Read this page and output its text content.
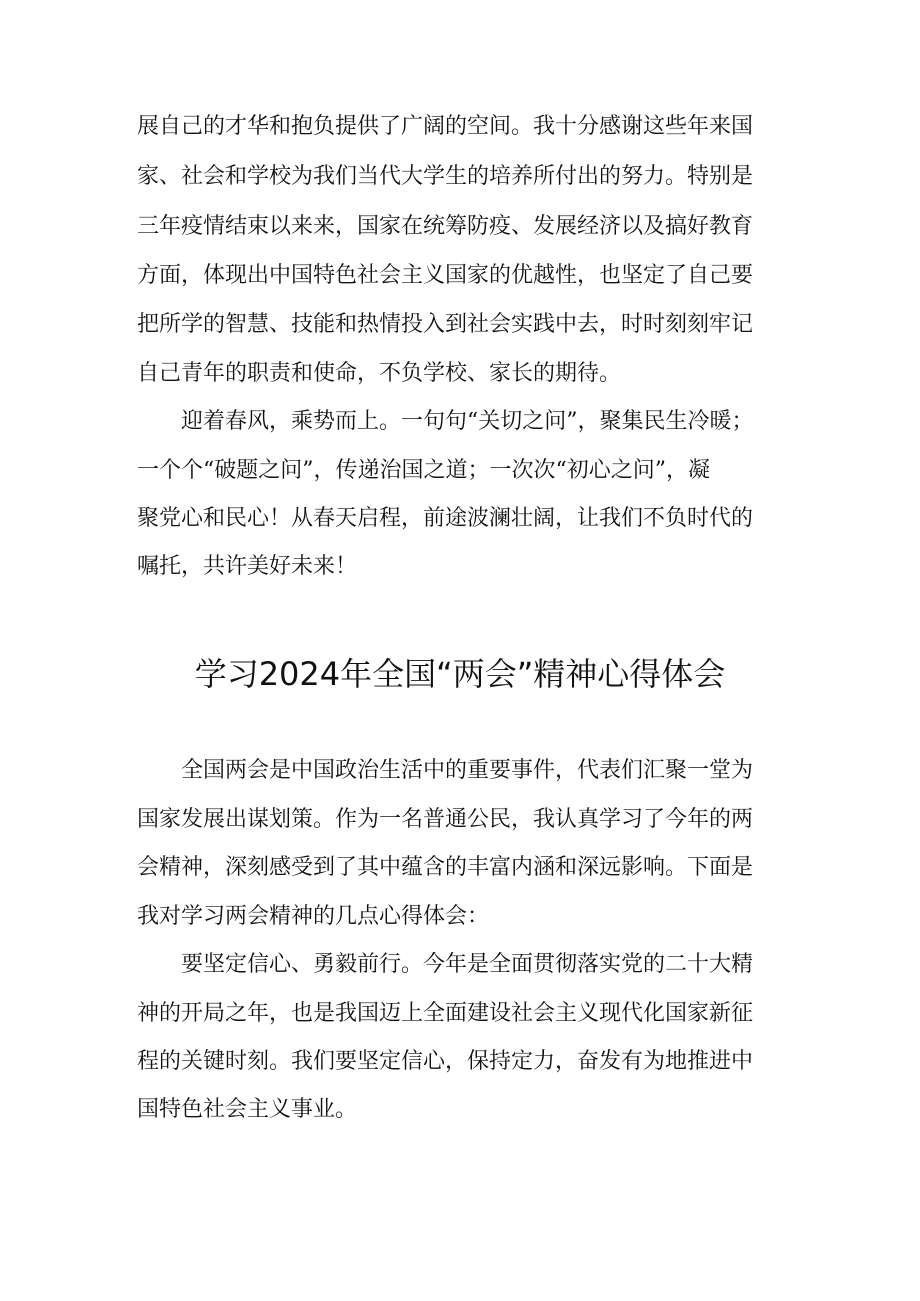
展自己的才华和抱负提供了广阔的空间。我十分感谢这些年来国
家、社会和学校为我们当代大学生的培养所付出的努力。特别是
三年疫情结束以来来，国家在统筹防疫、发展经济以及搞好教育
方面，体现出中国特色社会主义国家的优越性，也坚定了自己要
把所学的智慧、技能和热情投入到社会实践中去，时时刻刻牢记
自己青年的职责和使命，不负学校、家长的期待。
　　迎着春风，乘势而上。一句句“关切之问”，聚集民生冷暖；
一个个“破题之问”，传递治国之道；一次次“初心之问”，凝
聚党心和民心！从春天启程，前途波澜壮阔，让我们不负时代的
嘱托，共许美好未来！
学习2024年全国“两会”精神心得体会
　　全国两会是中国政治生活中的重要事件，代表们汇聚一堂为
国家发展出谋划策。作为一名普通公民，我认真学习了今年的两
会精神，深刻感受到了其中蕴含的丰富内涵和深远影响。下面是
我对学习两会精神的几点心得体会：
　　要坚定信心、勇毅前行。今年是全面贯彻落实党的二十大精
神的开局之年，也是我国迈上全面建设社会主义现代化国家新征
程的关键时刻。我们要坚定信心，保持定力，奋发有为地推进中
国特色社会主义事业。
